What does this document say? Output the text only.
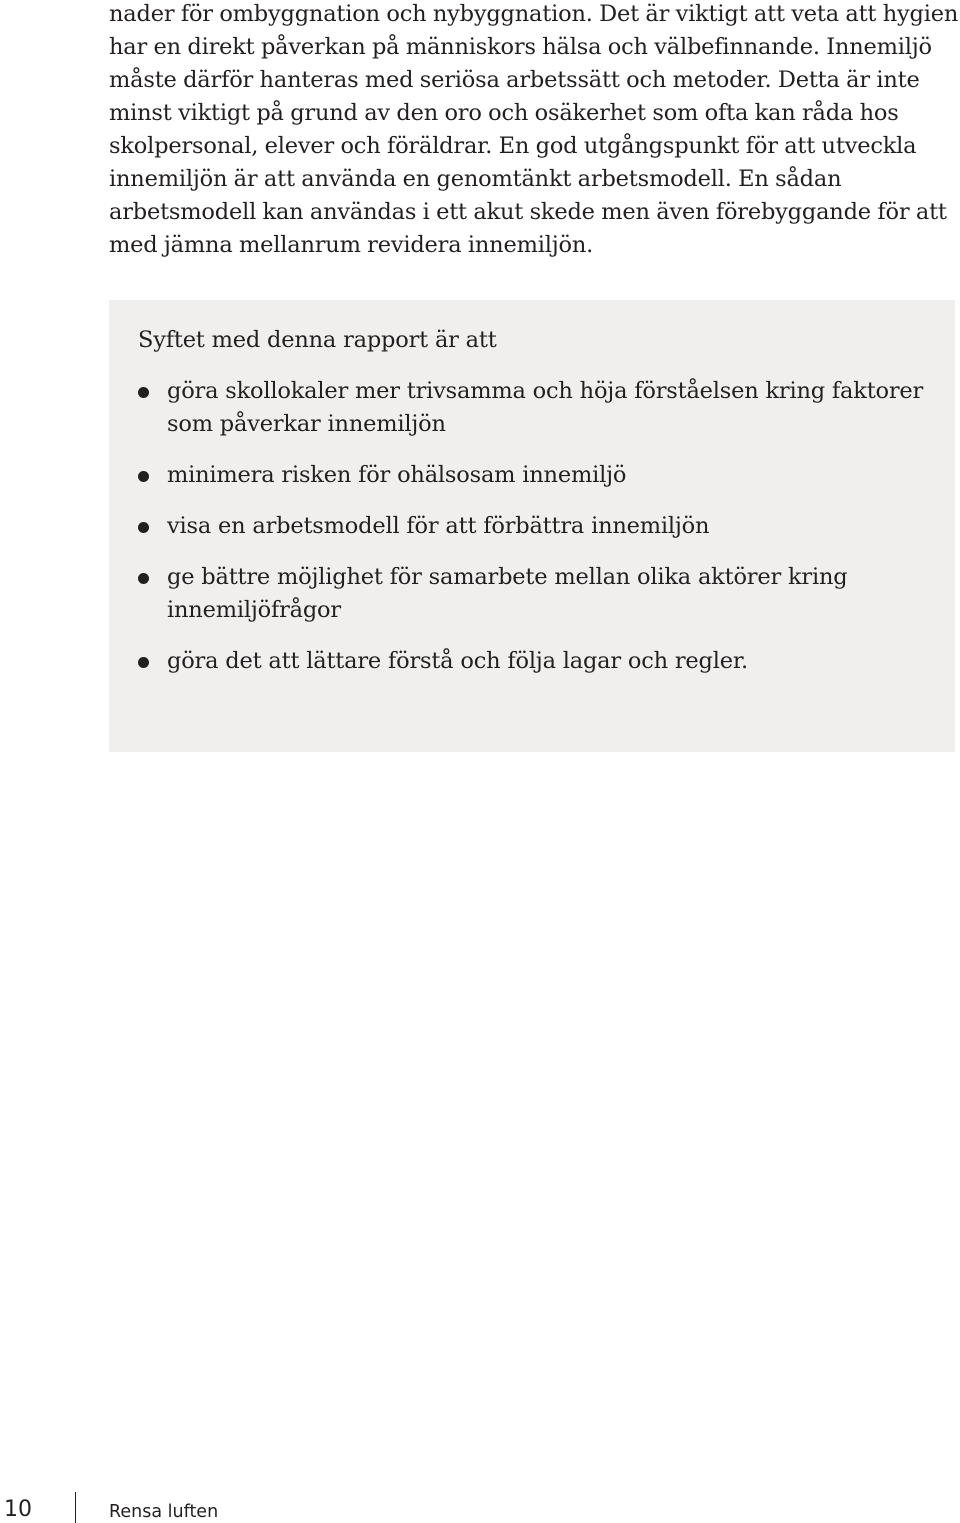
nader för ombyggnation och nybyggnation. Det är viktigt att veta att hygien har en direkt påverkan på människors hälsa och välbefinnande. Innemiljö måste därför hanteras med seriösa arbetssätt och metoder. Detta är inte minst viktigt på grund av den oro och osäkerhet som ofta kan råda hos skolpersonal, elever och föräldrar. En god utgångspunkt för att utveckla innemiljön är att använda en genomtänkt arbetsmodell. En sådan arbetsmodell kan användas i ett akut skede men även förebyggande för att med jämna mellanrum revidera innemiljön.

Syftet med denna rapport är att

göra skollokaler mer trivsamma och höja förståelsen kring faktorer som påverkar innemiljön
minimera risken för ohälsosam innemiljö
visa en arbetsmodell för att förbättra innemiljön
ge bättre möjlighet för samarbete mellan olika aktörer kring innemiljöfrågor
göra det att lättare förstå och följa lagar och regler.
10	Rensa luften
